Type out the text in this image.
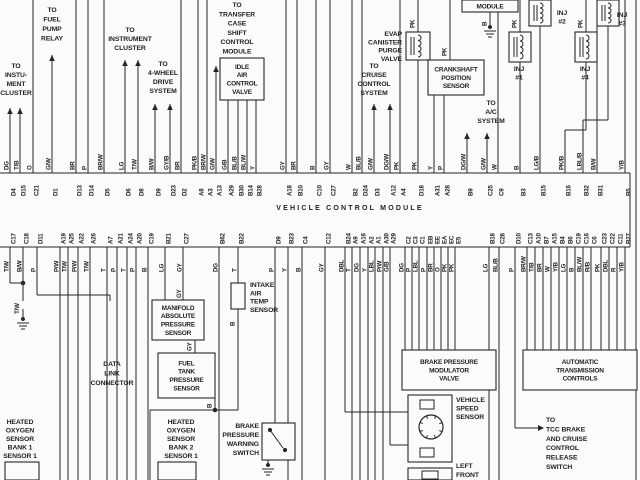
DG
D4
T/B
D15
O
C21
G/W
D1
BR
D13
P
D14
BR/W
D5
LG
D6
T/W
D8
B/W
D9
GY/B
D23
BR
D2
PK/B
A8
BR/W
A3
G/W
A13
G/B
A29
BL/B
B30
BL/W
B14
Y
B28
GY
A18
BR
B10
B
C10
GY
C27
W
B2
BL/B
D24
G/W
D3
DG/W
A12
PK
A4
PK
D18
Y
A31
P
A28
DG/W
B9
G/W
C25
W
C9
B
B3
LG/B
B15
PK/B
B16
LBL/B
B32
B/W
B31
Y/B
B5
T/W
C17
B/W
C18
P
D11
P/W
A19
T/W
A25
P/W
A22
T/W
A26
T
A7
P
A21
T
A24
P
A20
B
C19
LG
B21
GY
C27
DG
B62
T
B22
P
D9
Y
B23
B
C4
GY
C12
DBL
B24
T
A9
DG
A16
Y
A2
LBL
A1
P/W
A30
G/B
A29
DG
C2
P
C3
LBL
C1
P
EB
BR
EE
O
EA
PK
EC
PK
E5
LG
B18
BL/B
C28
P
D10
BR/W
C13
T/B
A10
BR
B7
W
A15
Y/B
B4
LG
B6
B
C19
BL/W
C16
R/B
C6
PK
C23
DBL
C22
R
C11
Y/B
B27
IDLE
AIR
CONTROL
VALVE
CRANKSHAFT
POSITION
SENSOR
MODULE
MANIFOLD
ABSOLUTE
PRESSURE
SENSOR
FUEL
TANK
PRESSURE
SENSOR
BRAKE PRESSURE
MODULATOR
VALVE
AUTOMATIC
TRANSMISSION
CONTROLS
TO
INSTU-
MENT
CLUSTER
TO
FUEL
PUMP
RELAY
TO
INSTRUMENT
CLUSTER
TO
4-WHEEL
DRIVE
SYSTEM
TO
TRANSFER
CASE
SHIFT
CONTROL
MODULE
EVAP
CANISTER
PURGE
VALVE
TO
CRUISE
CONTROL
SYSTEM
TO
A/C
SYSTEM
INJ
#1
INJ
#2
INJ
#4
INJ
#3
DATA
LINK
CONNECTOR
INTAKE
AIR
TEMP
SENSOR
HEATED
OXYGEN
SENSOR
BANK 1
SENSOR 1
HEATED
OXYGEN
SENSOR
BANK 2
SENSOR 1
BRAKE
PRESSURE
WARNING
SWITCH
VEHICLE
SPEED
SENSOR
LEFT
FRONT
TO
TCC BRAKE
AND CRUISE
CONTROL
RELEASE
SWITCH
PK
PK
B	PK	PK
B
GY
GY
B
T/W
VEHICLE CONTROL MODULE
